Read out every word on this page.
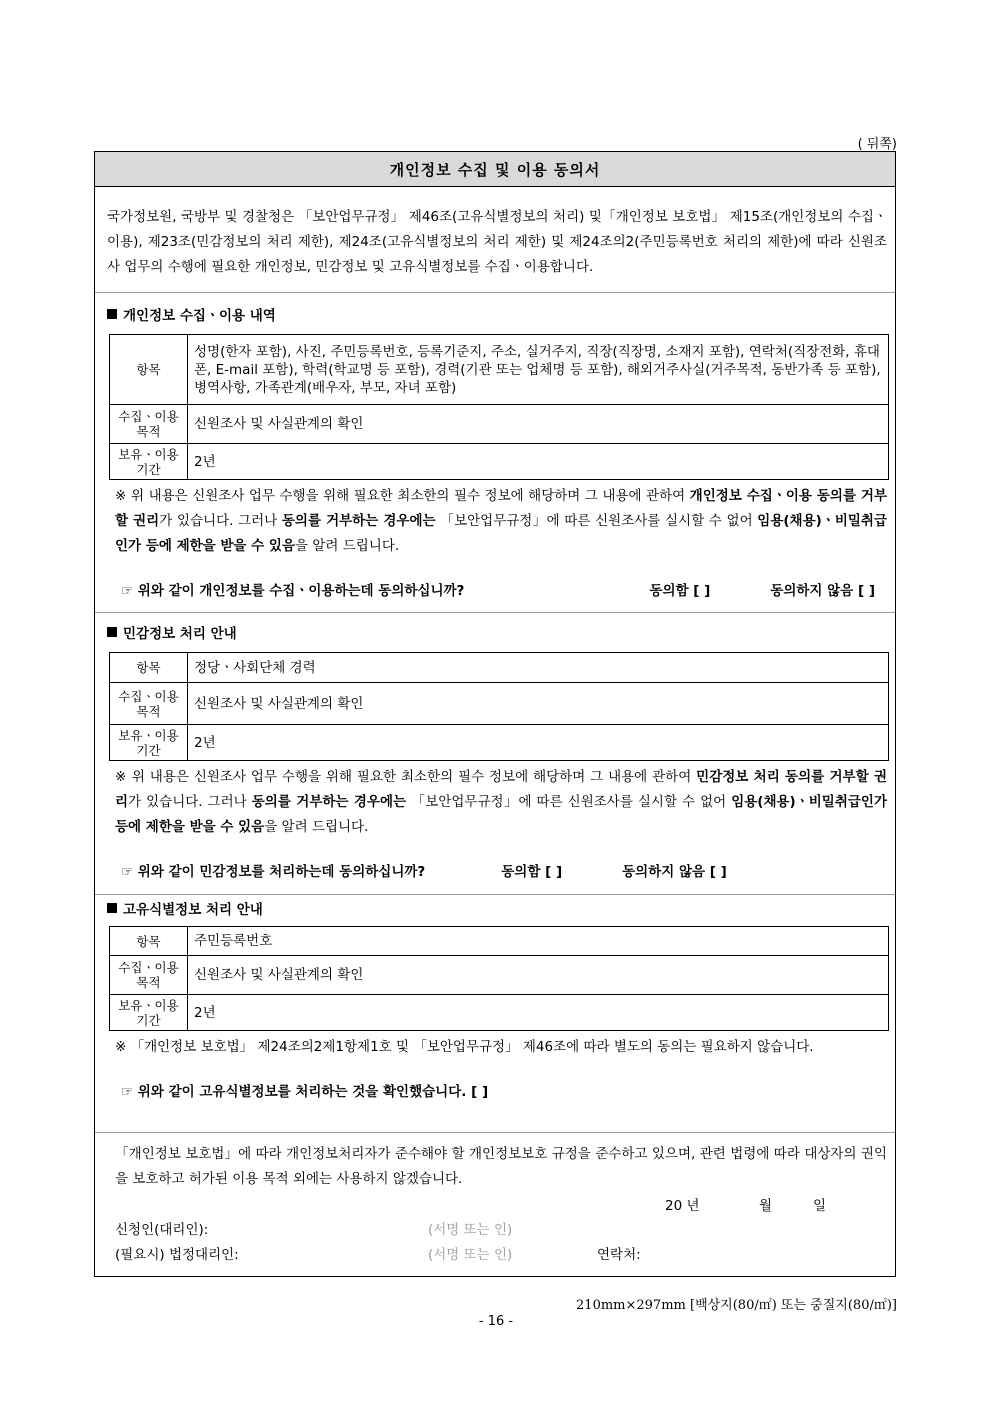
( 뒤쪽)
개인정보 수집 및 이용 동의서
국가정보원, 국방부 및 경찰청은 「보안업무규정」 제46조(고유식별정보의 처리) 및「개인정보 보호법」 제15조(개인정보의 수집ㆍ이용), 제23조(민감정보의 처리 제한), 제24조(고유식별정보의 처리 제한) 및 제24조의2(주민등록번호 처리의 제한)에 따라 신원조사 업무의 수행에 필요한 개인정보, 민감정보 및 고유식별정보를 수집ㆍ이용합니다.
개인정보 수집ㆍ이용 내역
항목	성명(한자 포함), 사진, 주민등록번호, 등록기준지, 주소, 실거주지, 직장(직장명, 소재지 포함), 연락처(직장전화, 휴대폰, E-mail 포함), 학력(학교명 등 포함), 경력(기관 또는 업체명 등 포함), 해외거주사실(거주목적, 동반가족 등 포함), 병역사항, 가족관계(배우자, 부모, 자녀 포함)
수집ㆍ이용 목적	신원조사 및 사실관계의 확인
보유ㆍ이용 기간	2년
※ 위 내용은 신원조사 업무 수행을 위해 필요한 최소한의 필수 정보에 해당하며 그 내용에 관하여 개인정보 수집ㆍ이용 동의를 거부할 권리가 있습니다. 그러나 동의를 거부하는 경우에는 「보안업무규정」에 따른 신원조사를 실시할 수 없어 임용(채용)ㆍ비밀취급인가 등에 제한을 받을 수 있음을 알려 드립니다.
☞ 위와 같이 개인정보를 수집ㆍ이용하는데 동의하십니까?	동의함 [ ]	동의하지 않음 [ ]
민감정보 처리 안내
항목	정당ㆍ사회단체 경력
수집ㆍ이용 목적	신원조사 및 사실관계의 확인
보유ㆍ이용 기간	2년
※ 위 내용은 신원조사 업무 수행을 위해 필요한 최소한의 필수 정보에 해당하며 그 내용에 관하여 민감정보 처리 동의를 거부할 권리가 있습니다. 그러나 동의를 거부하는 경우에는 「보안업무규정」에 따른 신원조사를 실시할 수 없어 임용(채용)ㆍ비밀취급인가 등에 제한을 받을 수 있음을 알려 드립니다.
☞ 위와 같이 민감정보를 처리하는데 동의하십니까?	동의함 [ ]	동의하지 않음 [ ]
고유식별정보 처리 안내
항목	주민등록번호
수집ㆍ이용 목적	신원조사 및 사실관계의 확인
보유ㆍ이용 기간	2년
※ 「개인정보 보호법」 제24조의2제1항제1호 및 「보안업무규정」 제46조에 따라 별도의 동의는 필요하지 않습니다.
☞ 위와 같이 고유식별정보를 처리하는 것을 확인했습니다. [ ]
「개인정보 보호법」에 따라 개인정보처리자가 준수해야 할 개인정보보호 규정을 준수하고 있으며, 관련 법령에 따라 대상자의 권익을 보호하고 허가된 이용 목적 외에는 사용하지 않겠습니다.
20 년	월	일
신청인(대리인):	(서명 또는 인)
(필요시) 법정대리인:	(서명 또는 인)	연락처:
210mm×297mm [백상지(80/㎡) 또는 중질지(80/㎡)]
- 16 -
